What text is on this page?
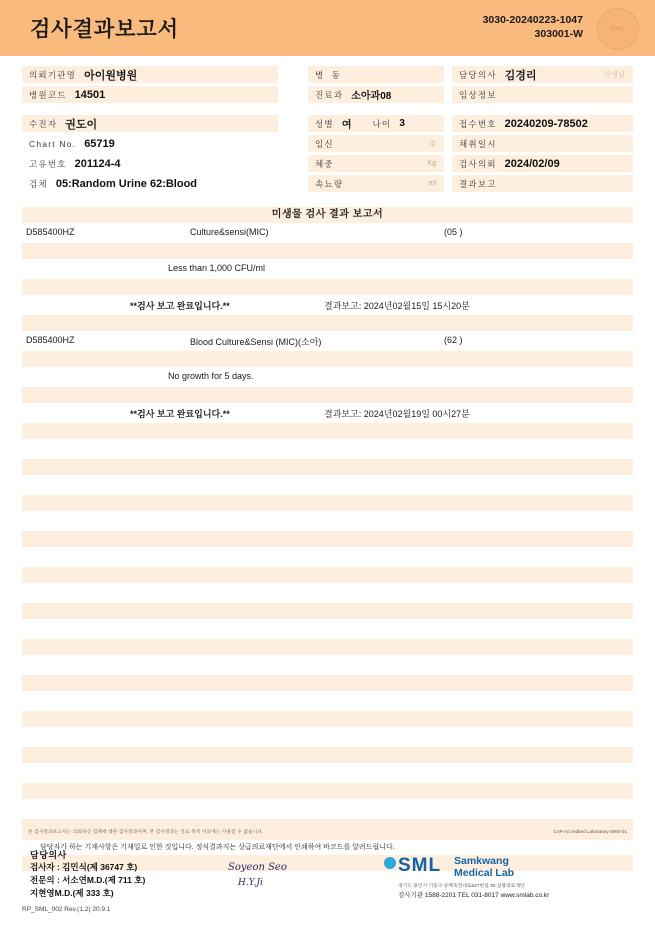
검사결과보고서	3030-20240223-1047
303001-W	SML
의뢰기관명 아이원병원
병원코드 14501
수진자 권도이
Chart No. 65719
고유번호 201124-4
검체 05:Random Urine 62:Blood
병 동
진료과 소아과08
성별 여	나이 3
임신	주
체중	Kg
속뇨량	ml
담당의사 김경리	선생님
임상정보
접수번호 20240209-78502
채취일시
검사의뢰 2024/02/09
결과보고
미생물 검사 결과 보고서
D585400HZ	Culture&sensi(MIC)	(05 )
Less than 1,000 CFU/ml
**검사 보고 완료입니다.**	결과보고: 2024년02월15일 15시20분
D585400HZ	Blood Culture&Sensi (MIC)(소아)	(62 )
No growth for 5 days.
**검사 보고 완료입니다.**	결과보고: 2024년02월19일 00시27분
본 검사결과보고서는 의뢰하신 검체에 대한 검사결과이며, 본 검사결과는 진료 목적 이외에는 사용할 수 없습니다.	CAP Accredited Laboratory 8994-01
담당자가 하는 기재사항은 기재일로 인한 것입니다. 정식결과지는 상급의료재단에서 인쇄하여 바코드를 알려드립니다.
담당의사
검사자 : 김민식(제 36747 호)
전문의 : 서소연M.D.(제 711 호)
지현영M.D.(제 333 호)
Soyeon Seo
H.Y.Ji
SML Samkwang
Medical Lab
경기도 용인시 기흥구 동백죽전대로527번길 30 삼광의료재단
검사기관 1588-2201 TEL 031-8017 www.smlab.co.kr
RP_SML_002 Rev.(1.2) 20.9.1
